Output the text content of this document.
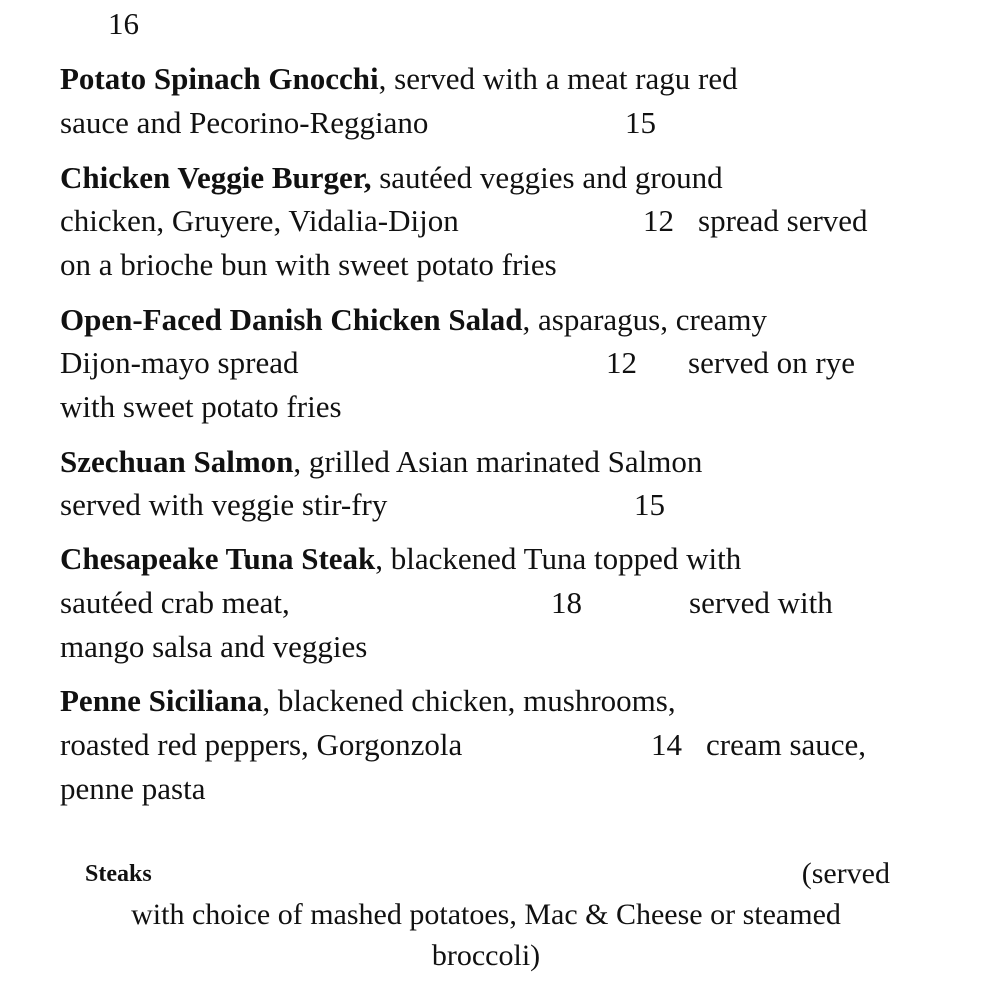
16
Potato Spinach Gnocchi, served with a meat ragu red
sauce and Pecorino-Reggiano	15
Chicken Veggie Burger, sautéed veggies and ground
chicken, Gruyere, Vidalia-Dijon	12 spread served
on a brioche bun with sweet potato fries
Open-Faced Danish Chicken Salad, asparagus, creamy
Dijon-mayo spread	12 served on rye
with sweet potato fries
Szechuan Salmon, grilled Asian marinated Salmon
served with veggie stir-fry	15
Chesapeake Tuna Steak, blackened Tuna topped with
sautéed crab meat,	18	served with
mango salsa and veggies
Penne Siciliana, blackened chicken, mushrooms,
roasted red peppers, Gorgonzola	14 cream sauce,
penne pasta
Steaks	(served
with choice of mashed potatoes, Mac & Cheese or steamed
broccoli)
